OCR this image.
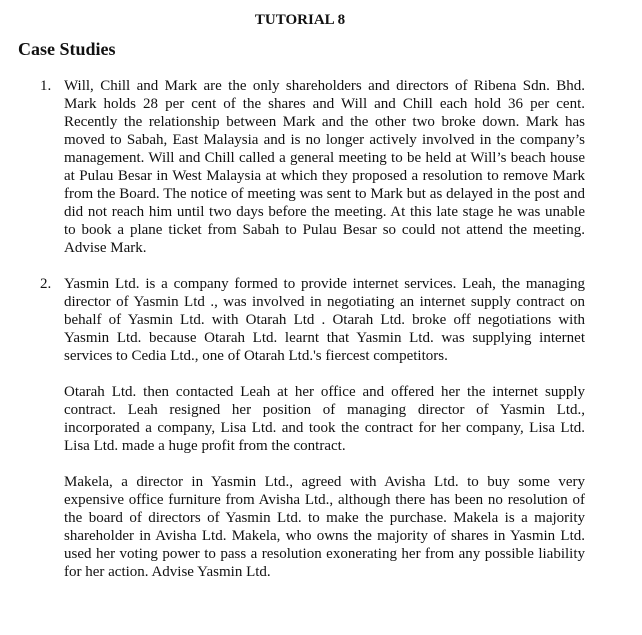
TUTORIAL 8
Case Studies
1. Will, Chill and Mark are the only shareholders and directors of Ribena Sdn. Bhd. Mark holds 28 per cent of the shares and Will and Chill each hold 36 per cent. Recently the relationship between Mark and the other two broke down. Mark has moved to Sabah, East Malaysia and is no longer actively involved in the company’s management. Will and Chill called a general meeting to be held at Will’s beach house at Pulau Besar in West Malaysia at which they proposed a resolution to remove Mark from the Board. The notice of meeting was sent to Mark but as delayed in the post and did not reach him until two days before the meeting. At this late stage he was unable to book a plane ticket from Sabah to Pulau Besar so could not attend the meeting. Advise Mark.

2. Yasmin Ltd. is a company formed to provide internet services. Leah, the managing director of Yasmin Ltd ., was involved in negotiating an internet supply contract on behalf of Yasmin Ltd. with Otarah Ltd . Otarah Ltd. broke off negotiations with Yasmin Ltd. because Otarah Ltd. learnt that Yasmin Ltd. was supplying internet services to Cedia Ltd., one of Otarah Ltd.'s fiercest competitors.

Otarah Ltd. then contacted Leah at her office and offered her the internet supply contract. Leah resigned her position of managing director of Yasmin Ltd., incorporated a company, Lisa Ltd. and took the contract for her company, Lisa Ltd. Lisa Ltd. made a huge profit from the contract.

Makela, a director in Yasmin Ltd., agreed with Avisha Ltd. to buy some very expensive office furniture from Avisha Ltd., although there has been no resolution of the board of directors of Yasmin Ltd. to make the purchase. Makela is a majority shareholder in Avisha Ltd. Makela, who owns the majority of shares in Yasmin Ltd. used her voting power to pass a resolution exonerating her from any possible liability for her action. Advise Yasmin Ltd.
